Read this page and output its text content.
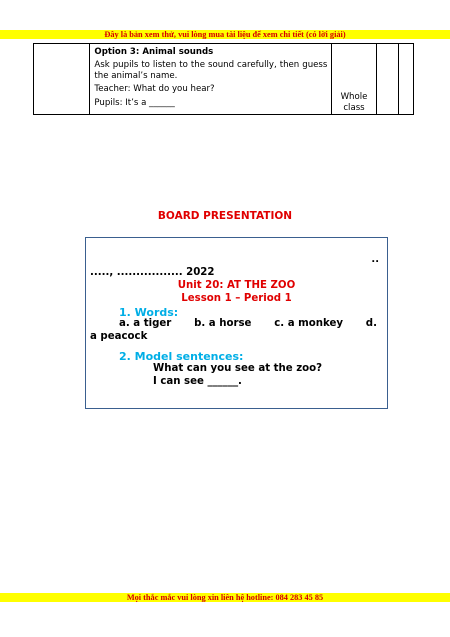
Đây là bản xem thử, vui lòng mua tài liệu để xem chi tiết (có lời giải)

Option 3: Animal sounds

Ask pupils to listen to the sound carefully, then guess the animal’s name.

Teacher: What do you hear?

Pupils: It’s a ______

Whole class

BOARD PRESENTATION
..
....., ................. 2022
Unit 20: AT THE ZOO
Lesson 1 – Period 1
1. Words:
a. a tiger b. a horse c. a monkey d.
a peacock
2. Model sentences:
What can you see at the zoo?
I can see ______.
Mọi thắc mắc vui lòng xin liên hệ hotline: 084 283 45 85
